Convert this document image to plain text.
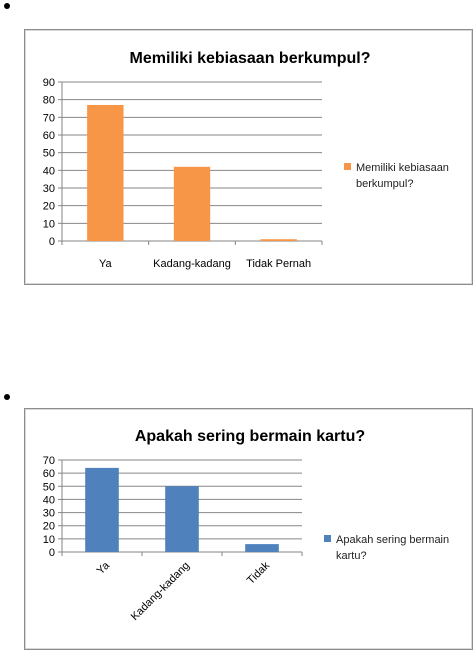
Memiliki kebiasaan berkumpul?
0
10
20
30
40
50
60
70
80
90
Ya	Kadang-kadang Tidak Pernah
Memiliki kebiasaan
berkumpul?
Apakah sering bermain kartu?
0
10
20
30
40
50
60
70
Ya Kadang-kadang	Tidak
Apakah sering bermain
kartu?
